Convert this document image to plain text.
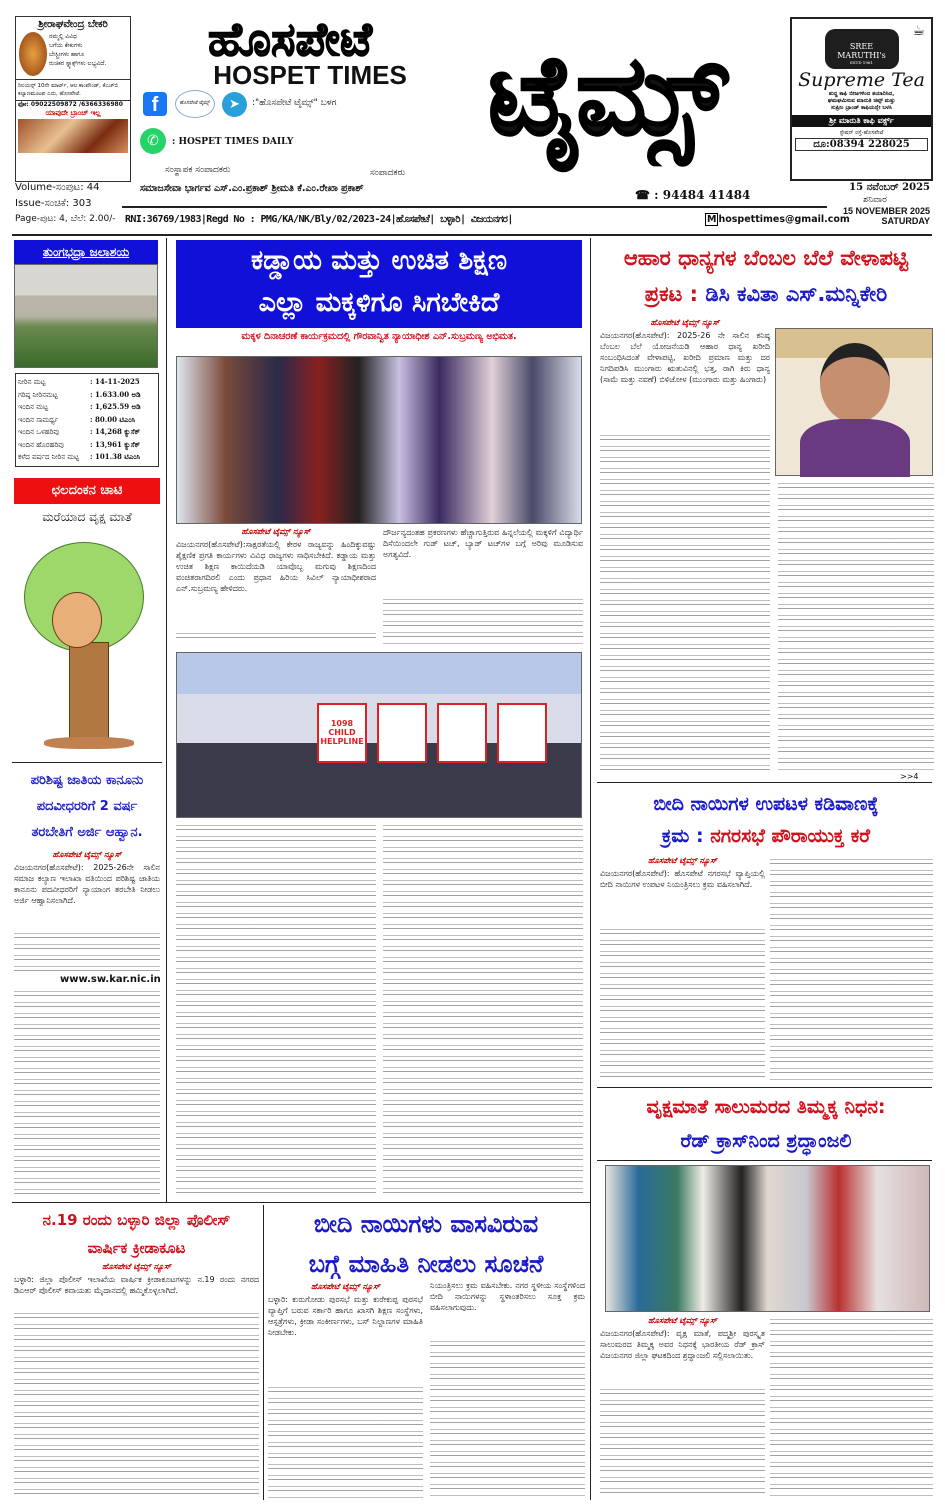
ಶ್ರೀರಾಘವೇಂದ್ರ ಬೇಕರಿ
ನಮ್ಮಲ್ಲಿ ವಿವಿಧ
ಬಗೆಯ ಕೇಕುಗಳು
ಬೇಸ್ಟ್ರೀಗಳು ಹಾಗೂ
ರುಚಿಕರ ಸ್ನ್ಯಾಕ್ಸ್‌ಗಳು ಲಭ್ಯವಿದೆ.
ರಿಲಯನ್ಸ್ 10ನೇ ಮಾರ್ಟ್, ಆಲ ಕಾಂಪೌಂಡ್, ಕೆಎಚ್‌ಬಿ ಕಲ್ಯಾಣಮಂಟಪ ಎದು, ಹೊಸಪೇಟೆ.
ಫೋ: 09022509872 /6366336980
ಯಾವುದೇ ಬ್ರಾಂಚ್ ಇಲ್ಲ
ಹೊಸಪೇಟೆ
HOSPET TIMES ಟೈಮ್ಸ್
f	ಹೊಸಪೇಟೆ ಟೈಮ್ಸ್	➤	:"ಹೊಸಪೇಟೆ ಟೈಮ್ಸ್" ಬಳಗ
✆	: HOSPET TIMES DAILY
ಸಂಸ್ಥಾಪಕ ಸಂಪಾದಕರು	ಸಂಪಾದಕರು
ಸಮಾಜಸೇವಾ ಭಾರ್ಗವ ಎಸ್.ಎಂ.ಪ್ರಕಾಶ್ ಶ್ರೀಮತಿ ಕೆ.ಎಂ.ರೇಖಾ ಪ್ರಕಾಶ್	☎ : 94484 41484
Volume-ಸಂಪುಟ: 44
Issue-ಸಂಚಿಕೆ: 303
Page-ಪುಟ: 4, ಬೆಲೆ: 2.00/- RNI:36769/1983|Regd No : PMG/KA/NK/Bly/02/2023-24|ಹೊಸಪೇಟೆ| ಬಳ್ಳಾರಿ| ವಿಜಯನಗರ|	M hospettimes@gmail.com
☕
SREE MARUTHI's
ESTD 1961
Supreme Tea
ಶುದ್ಧ ಕಾಫಿ ಬೀಜಗಳಿಂದ ತಯಾರಿಸಿದ,
ಘಮಘಮಿಸುವ ಮಾರುತಿ ಚಿಪ್ಸ್ ಮತ್ತು
ಸುಪ್ರೀಂ ಬ್ರಾಂಡ್ ಕಾಫಿಯನ್ನೇ ಬಳಸಿ
ಶ್ರೀ ಮಾರುತಿ ಕಾಫಿ ವರ್ಕ್ಸ್
ಸ್ಟೇಷನ್ ರಸ್ತೆ-ಹೊಸಪೇಟೆ
ದೂ:08394 228025
15 ನವೆಂಬರ್ 2025
ಶನಿವಾರ
15 NOVEMBER 2025
SATURDAY
ತುಂಗಭದ್ರಾ ಜಲಾಶಯ
ನೀರಿನ ಮಟ್ಟ	: 14-11-2025
ಗರಿಷ್ಠ ನೀರಿನಮಟ್ಟ	: 1.633.00 ಅಡಿ
ಇಂದಿನ ಮಟ್ಟ	: 1,625.59 ಅಡಿ
ಇಂದಿನ ಸಾಮರ್ಥ್ಯ	: 80.00 ಟಿಎಂಸಿ
ಇಂದಿನ ಒಳಹರಿವು	: 14,268 ಕ್ಯುಸೆಕ್
ಇಂದಿನ ಹೊರಹರಿವು	: 13,961 ಕ್ಯುಸೆಕ್
ಕಳೆದ ವರ್ಷದ ನೀರಿನ ಮಟ್ಟ	: 101.38 ಟಿಎಂಸಿ
ಛಲದಂಕನ ಚಾಟಿ
ಮರೆಯಾದ ವೃಕ್ಷ ಮಾತೆ
ಪರಿಶಿಷ್ಟ ಜಾತಿಯ ಕಾನೂನು
ಪದವೀಧರರಿಗೆ 2 ವರ್ಷ
ತರಬೇತಿಗೆ ಅರ್ಜಿ ಆಹ್ವಾನ.
ಹೊಸಪೇಟೆ ಟೈಮ್ಸ್ ನ್ಯೂಸ್
ವಿಜಯನಗರ(ಹೊಸಪೇಟೆ): 2025-26ನೇ ಸಾಲಿನ ಸಮಾಜ ಕಲ್ಯಾಣ ಇಲಾಖಾ ವತಿಯಿಂದ ಪರಿಶಿಷ್ಟ ಜಾತಿಯ ಕಾನೂನು ಪದವೀಧರರಿಗೆ ನ್ಯಾಯಾಂಗ ತರಬೇತಿ ನೀಡಲು ಅರ್ಜಿ ಆಹ್ವಾನಿಸಲಾಗಿದೆ.
www.sw.kar.nic.in
ಕಡ್ಡಾಯ ಮತ್ತು ಉಚಿತ ಶಿಕ್ಷಣ
ಎಲ್ಲಾ ಮಕ್ಕಳಿಗೂ ಸಿಗಬೇಕಿದೆ
ಮಕ್ಕಳ ದಿನಾಚರಣೆ ಕಾರ್ಯಕ್ರಮದಲ್ಲಿ ಗೌರವಾನ್ವಿತ ನ್ಯಾಯಾಧೀಶ ಎನ್.ಸುಬ್ರಮಣ್ಯ ಅಭಿಮತ.
ಹೊಸಪೇಟೆ ಟೈಮ್ಸ್ ನ್ಯೂಸ್
ವಿಜಯನಗರ(ಹೊಸಪೇಟೆ):ಸಾಕ್ಷರತೆಯಲ್ಲಿ ಕೇರಳ ರಾಜ್ಯವನ್ನು ಹಿಂದಿಕ್ಕುವಷ್ಟು ಶೈಕ್ಷಣಿಕ ಪ್ರಗತಿ ಕಾರ್ಯಗಳು ವಿವಿಧ ರಾಜ್ಯಗಳು ಸಾಧಿಸಬೇಕಿದೆ. ಕಡ್ಡಾಯ ಮತ್ತು ಉಚಿತ ಶಿಕ್ಷಣ ಕಾಯಿದೆಯಡಿ ಯಾವೊಬ್ಬ ಮಗುವು ಶಿಕ್ಷಣದಿಂದ ವಂಚಿತರಾಗದಿರಲಿ ಎಂದು ಪ್ರಧಾನ ಹಿರಿಯ ಸಿವಿಲ್ ನ್ಯಾಯಾಧೀಶರಾದ ಎನ್.ಸುಬ್ರಮಣ್ಯ ಹೇಳಿದರು.
ದೌರ್ಜನ್ಯದಂತಹ ಪ್ರಕರಣಗಳು ಹೆಚ್ಚಾಗುತ್ತಿರುವ ಹಿನ್ನಲೆಯಲ್ಲಿ ಮಕ್ಕಳಿಗೆ ವಿದ್ಯಾರ್ಥಿ ದಿಸೆಯಿಂದಲೇ ಗುಡ್ ಟಚ್, ಬ್ಯಾಡ್ ಟಚ್‌ಗಳ ಬಗ್ಗೆ ಅರಿವು ಮೂಡಿಸುವ ಅಗತ್ಯವಿದೆ.
1098 CHILD HELPLINE
ಆಹಾರ ಧಾನ್ಯಗಳ ಬೆಂಬಲ ಬೆಲೆ ವೇಳಾಪಟ್ಟಿ
ಪ್ರಕಟ : ಡಿಸಿ ಕವಿತಾ ಎಸ್.ಮನ್ನಿಕೇರಿ
ಹೊಸಪೇಟೆ ಟೈಮ್ಸ್ ನ್ಯೂಸ್
ವಿಜಯನಗರ(ಹೊಸಪೇಟೆ): 2025-26 ನೇ ಸಾಲಿನ ಕನಿಷ್ಠ ಬೆಂಬಲ ಬೆಲೆ ಯೋಜನೆಯಡಿ ಆಹಾರ ಧಾನ್ಯ ಖರೀದಿ ಸಂಬಂಧಿಸಿದಂತೆ ವೇಳಾಪಟ್ಟಿ, ಖರೀದಿ ಪ್ರಮಾಣ ಮತ್ತು ದರ ನಿಗದಿಪಡಿಸಿ ಮುಂಗಾರು ಋತುವಿನಲ್ಲಿ ಭತ್ತ, ರಾಗಿ ಕಿರು ಧಾನ್ಯ (ಸಾಮೆ ಮತ್ತು ನವಣೆ) ಬಿಳಿಜೋಳ (ಮುಂಗಾರು ಮತ್ತು ಹಿಂಗಾರು)
>>4
ಬೀದಿ ನಾಯಿಗಳ ಉಪಟಳ ಕಡಿವಾಣಕ್ಕೆ
ಕ್ರಮ : ನಗರಸಭೆ ಪೌರಾಯುಕ್ತ ಕರೆ
ಹೊಸಪೇಟೆ ಟೈಮ್ಸ್ ನ್ಯೂಸ್
ವಿಜಯನಗರ(ಹೊಸಪೇಟೆ): ಹೊಸಪೇಟೆ ನಗರಸಭೆ ವ್ಯಾಪ್ತಿಯಲ್ಲಿ ಬೀದಿ ನಾಯಿಗಳ ಉಪಟಳ ನಿಯಂತ್ರಿಸಲು ಕ್ರಮ ವಹಿಸಲಾಗಿದೆ.
ವೃಕ್ಷಮಾತೆ ಸಾಲುಮರದ ತಿಮ್ಮಕ್ಕ ನಿಧನ:
ರೆಡ್ ಕ್ರಾಸ್‌ನಿಂದ ಶ್ರದ್ಧಾಂಜಲಿ
ಹೊಸಪೇಟೆ ಟೈಮ್ಸ್ ನ್ಯೂಸ್
ವಿಜಯನಗರ(ಹೊಸಪೇಟೆ): ವೃಕ್ಷ ಮಾತೆ, ಪದ್ಮಶ್ರೀ ಪುರಸ್ಕೃತ ಸಾಲುಮರದ ತಿಮ್ಮಕ್ಕ ಅವರ ನಿಧನಕ್ಕೆ ಭಾರತೀಯ ರೆಡ್ ಕ್ರಾಸ್ ವಿಜಯನಗರ ಜಿಲ್ಲಾ ಘಟಕದಿಂದ ಶ್ರದ್ಧಾಂಜಲಿ ಸಲ್ಲಿಸಲಾಯಿತು.
ನ.19 ರಂದು ಬಳ್ಳಾರಿ ಜಿಲ್ಲಾ ಪೊಲೀಸ್
ವಾರ್ಷಿಕ ಕ್ರೀಡಾಕೂಟ
ಹೊಸಪೇಟೆ ಟೈಮ್ಸ್ ನ್ಯೂಸ್
ಬಳ್ಳಾರಿ: ಜಿಲ್ಲಾ ಪೊಲೀಸ್ ಇಲಾಖೆಯ ವಾರ್ಷಿಕ ಕ್ರೀಡಾಕೂಟಗಳನ್ನು ನ.19 ರಂದು ನಗರದ ಡಿಎಆರ್ ಪೊಲೀಸ್ ಕವಾಯತು ಮೈದಾನದಲ್ಲಿ ಹಮ್ಮಿಕೊಳ್ಳಲಾಗಿದೆ.
ಬೀದಿ ನಾಯಿಗಳು ವಾಸವಿರುವ
ಬಗ್ಗೆ ಮಾಹಿತಿ ನೀಡಲು ಸೂಚನೆ
ಹೊಸಪೇಟೆ ಟೈಮ್ಸ್ ನ್ಯೂಸ್
ಬಳ್ಳಾರಿ: ಕುರುಗೋಡು ಪುರಸಭೆ ಮತ್ತು ಕುರೇಕುಪ್ಪ ಪುರಸಭೆ ವ್ಯಾಪ್ತಿಗೆ ಬರುವ ಸರ್ಕಾರಿ ಹಾಗೂ ಖಾಸಗಿ ಶಿಕ್ಷಣ ಸಂಸ್ಥೆಗಳು, ಆಸ್ಪತ್ರೆಗಳು, ಕ್ರೀಡಾ ಸಂಕೀರ್ಣಗಳು, ಬಸ್ ನಿಲ್ದಾಣಗಳ ಮಾಹಿತಿ ನೀಡಬೇಕು.
ನಿಯಂತ್ರಿಸಲು ಕ್ರಮ ವಹಿಸಬೇಕು. ನಗರ ಸ್ಥಳೀಯ ಸಂಸ್ಥೆಗಳಿಂದ ಬೀದಿ ನಾಯಿಗಳನ್ನು ಸ್ಥಳಾಂತರಿಸಲು ಸೂಕ್ತ ಕ್ರಮ ವಹಿಸಲಾಗುವುದು.
